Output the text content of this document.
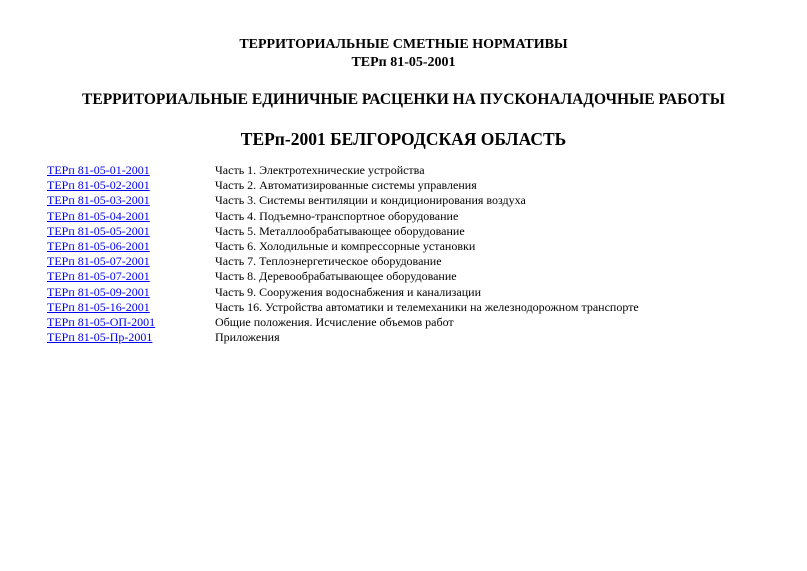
ТЕРРИТОРИАЛЬНЫЕ СМЕТНЫЕ НОРМАТИВЫ
ТЕРп 81-05-2001
ТЕРРИТОРИАЛЬНЫЕ ЕДИНИЧНЫЕ РАСЦЕНКИ НА ПУСКОНАЛАДОЧНЫЕ РАБОТЫ
ТЕРп-2001 БЕЛГОРОДСКАЯ ОБЛАСТЬ
ТЕРп 81-05-01-2001	Часть 1. Электротехнические устройства
ТЕРп 81-05-02-2001	Часть 2. Автоматизированные системы управления
ТЕРп 81-05-03-2001	Часть 3. Системы вентиляции и кондиционирования воздуха
ТЕРп 81-05-04-2001	Часть 4. Подъемно-транспортное оборудование
ТЕРп 81-05-05-2001	Часть 5. Металлообрабатывающее оборудование
ТЕРп 81-05-06-2001	Часть 6. Холодильные и компрессорные установки
ТЕРп 81-05-07-2001	Часть 7. Теплоэнергетическое оборудование
ТЕРп 81-05-07-2001	Часть 8. Деревообрабатывающее оборудование
ТЕРп 81-05-09-2001	Часть 9. Сооружения водоснабжения и канализации
ТЕРп 81-05-16-2001	Часть 16. Устройства автоматики и телемеханики на железнодорожном транспорте
ТЕРп 81-05-ОП-2001	Общие положения. Исчисление объемов работ
ТЕРп 81-05-Пр-2001	Приложения
